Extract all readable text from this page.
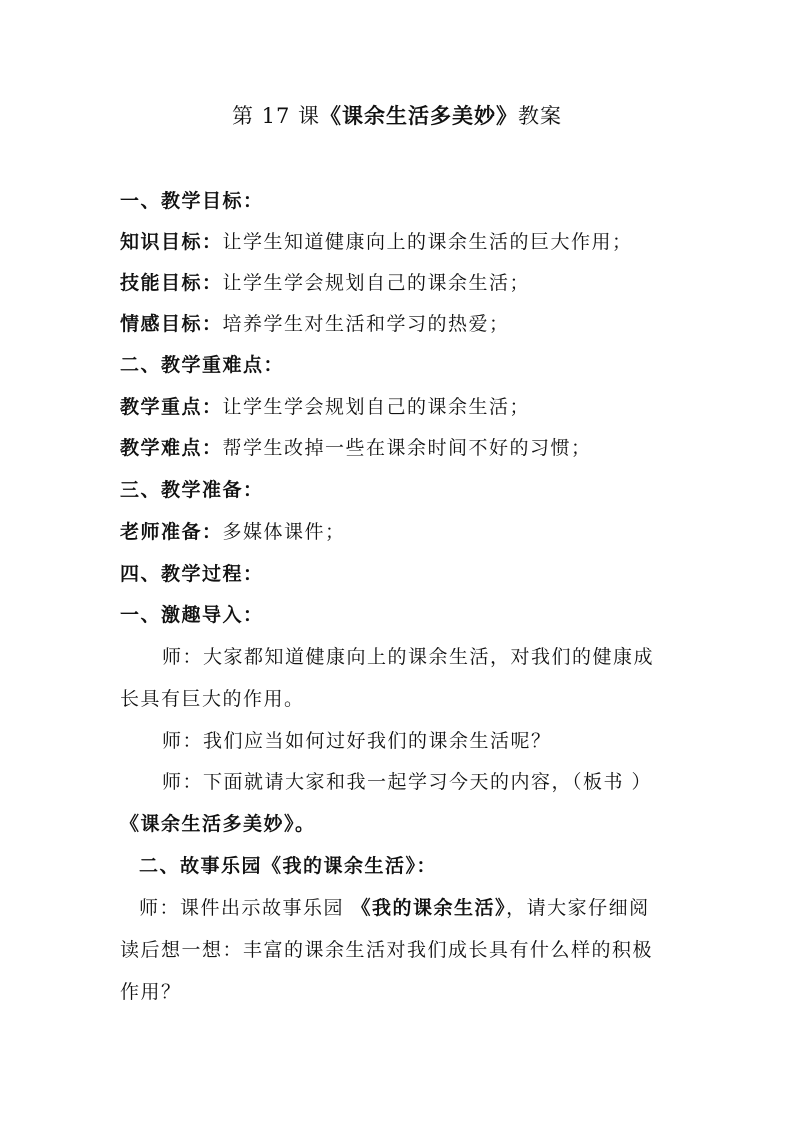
第 17 课《课余生活多美妙》教案
一、教学目标：
知识目标：让学生知道健康向上的课余生活的巨大作用；
技能目标：让学生学会规划自己的课余生活；
情感目标：培养学生对生活和学习的热爱；
二、教学重难点：
教学重点：让学生学会规划自己的课余生活；
教学难点：帮学生改掉一些在课余时间不好的习惯；
三、教学准备：
老师准备：多媒体课件；
四、教学过程：
一、激趣导入：
师：大家都知道健康向上的课余生活，对我们的健康成
长具有巨大的作用。
师：我们应当如何过好我们的课余生活呢？
师：下面就请大家和我一起学习今天的内容，（板书 ）
《课余生活多美妙》。
二、故事乐园《我的课余生活》：
师：课件出示故事乐园 《我的课余生活》，请大家仔细阅
读后想一想：丰富的课余生活对我们成长具有什么样的积极
作用？
